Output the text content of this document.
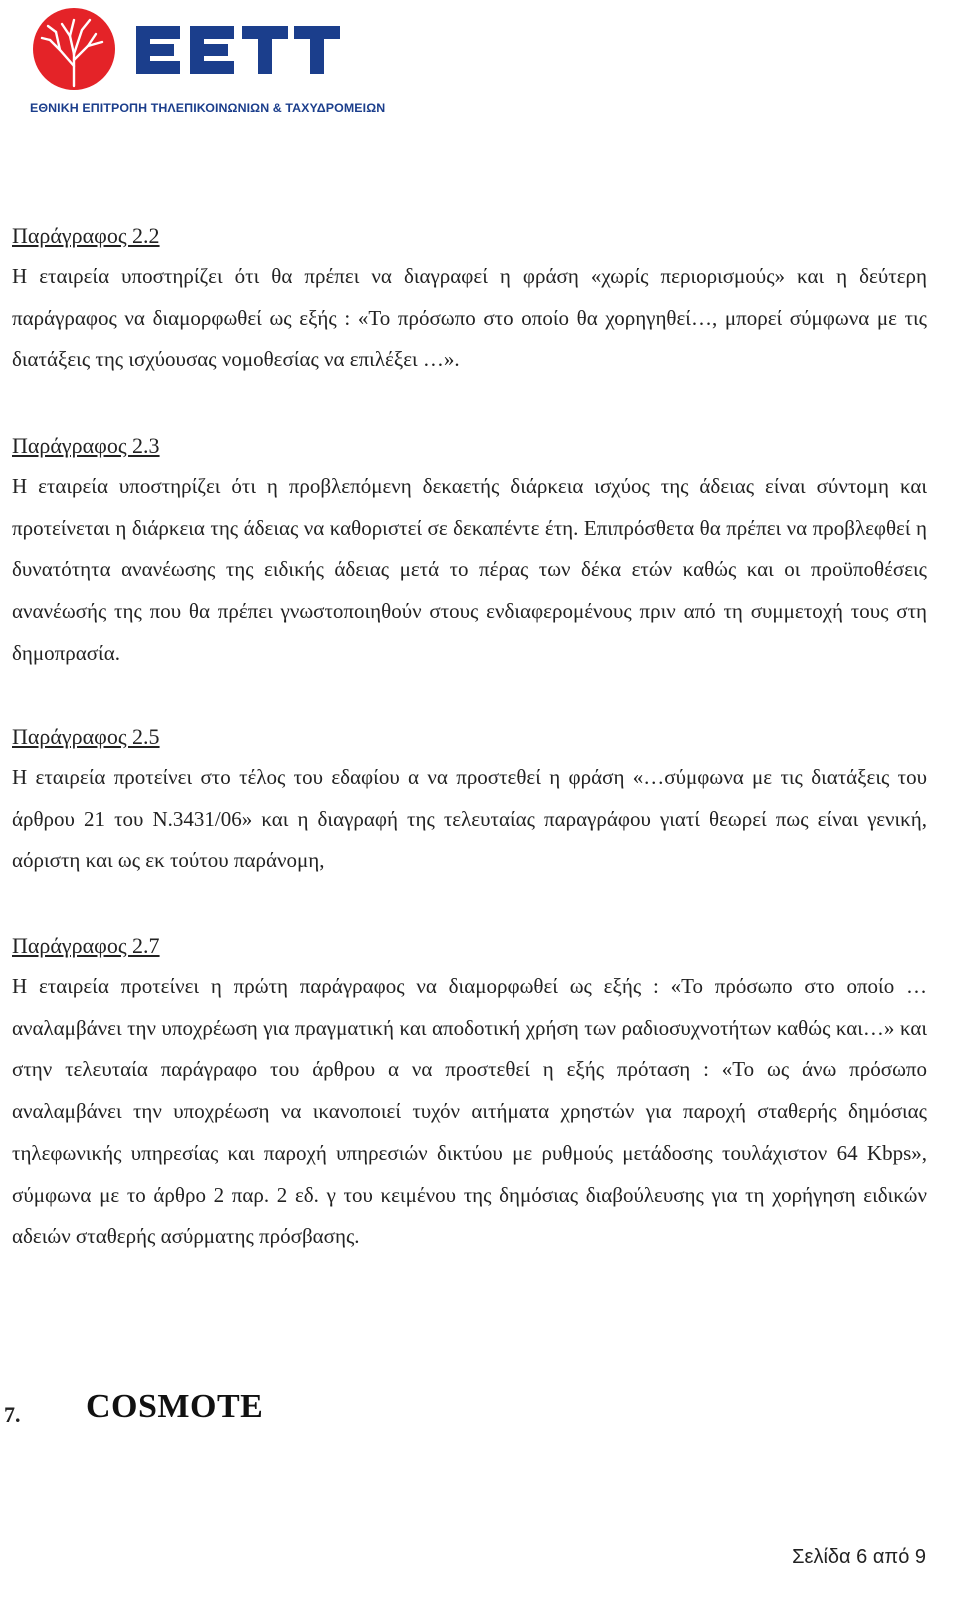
ΕΘΝΙΚΗ ΕΠΙΤΡΟΠΗ ΤΗΛΕΠΙΚΟΙΝΩΝΙΩΝ & ΤΑΧΥΔΡΟΜΕΙΩΝ

Παράγραφος 2.2

Η εταιρεία υποστηρίζει ότι θα πρέπει να διαγραφεί η φράση «χωρίς περιορισμούς» και η δεύτερη παράγραφος να διαμορφωθεί ως εξής : «Το πρόσωπο στο οποίο θα χορηγηθεί…, μπορεί σύμφωνα με τις διατάξεις της ισχύουσας νομοθεσίας να επιλέξει …».

Παράγραφος 2.3

Η εταιρεία υποστηρίζει ότι η προβλεπόμενη δεκαετής διάρκεια ισχύος της άδειας είναι σύντομη και προτείνεται η διάρκεια της άδειας να καθοριστεί σε δεκαπέντε έτη. Επιπρόσθετα θα πρέπει να προβλεφθεί η δυνατότητα ανανέωσης της ειδικής άδειας μετά το πέρας των δέκα ετών καθώς και οι προϋποθέσεις ανανέωσής της που θα πρέπει γνωστοποιηθούν στους ενδιαφερομένους πριν από τη συμμετοχή τους στη δημοπρασία.

Παράγραφος 2.5

Η εταιρεία προτείνει στο τέλος του εδαφίου α να προστεθεί η φράση «…σύμφωνα με τις διατάξεις του άρθρου 21 του Ν.3431/06» και η διαγραφή της τελευταίας παραγράφου γιατί θεωρεί πως είναι γενική, αόριστη και ως εκ τούτου παράνομη,

Παράγραφος 2.7

Η εταιρεία προτείνει η πρώτη παράγραφος να διαμορφωθεί ως εξής : «Το πρόσωπο στο οποίο … αναλαμβάνει την υποχρέωση για πραγματική και αποδοτική χρήση των ραδιοσυχνοτήτων καθώς και…» και στην τελευταία παράγραφο του άρθρου α να προστεθεί η εξής πρόταση : «Το ως άνω πρόσωπο αναλαμβάνει την υποχρέωση να ικανοποιεί τυχόν αιτήματα χρηστών για παροχή σταθερής δημόσιας τηλεφωνικής υπηρεσίας και παροχή υπηρεσιών δικτύου με ρυθμούς μετάδοσης τουλάχιστον 64 Kbps», σύμφωνα με το άρθρο 2 παρ. 2 εδ. γ του κειμένου της δημόσιας διαβούλευσης για τη χορήγηση ειδικών αδειών σταθερής ασύρματης πρόσβασης.

7. COSMOTE
Σελίδα 6 από 9
